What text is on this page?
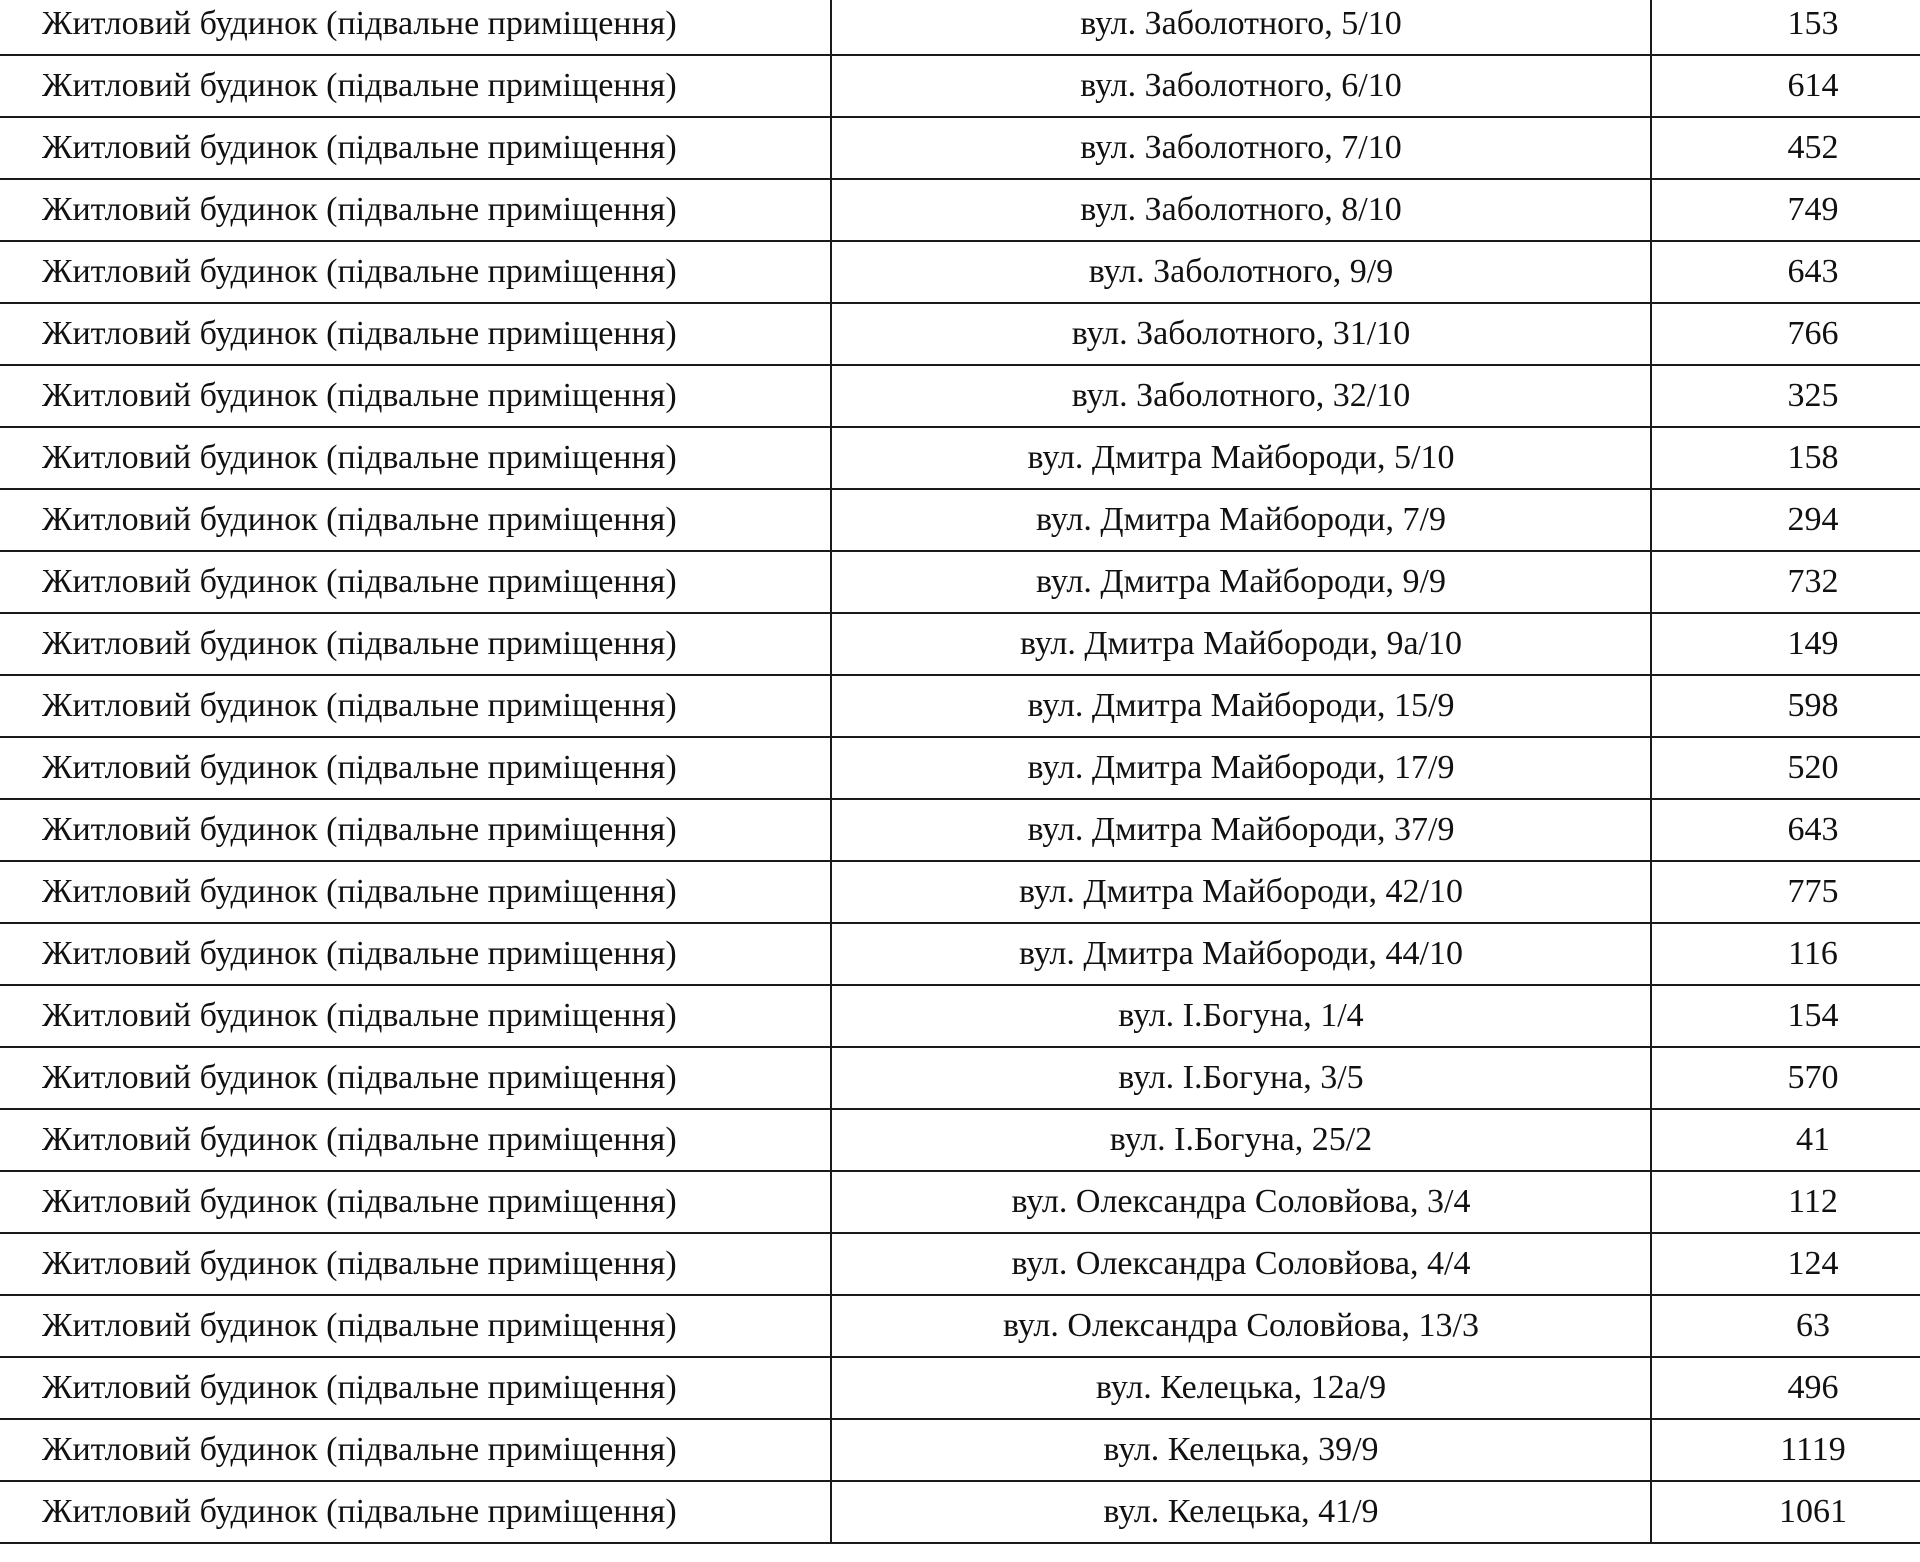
Житловий будинок (підвальне приміщення)	вул. Заболотного, 5/10	153
Житловий будинок (підвальне приміщення)	вул. Заболотного, 6/10	614
Житловий будинок (підвальне приміщення)	вул. Заболотного, 7/10	452
Житловий будинок (підвальне приміщення)	вул. Заболотного, 8/10	749
Житловий будинок (підвальне приміщення)	вул. Заболотного, 9/9	643
Житловий будинок (підвальне приміщення)	вул. Заболотного, 31/10	766
Житловий будинок (підвальне приміщення)	вул. Заболотного, 32/10	325
Житловий будинок (підвальне приміщення)	вул. Дмитра Майбороди, 5/10	158
Житловий будинок (підвальне приміщення)	вул. Дмитра Майбороди, 7/9	294
Житловий будинок (підвальне приміщення)	вул. Дмитра Майбороди, 9/9	732
Житловий будинок (підвальне приміщення)	вул. Дмитра Майбороди, 9а/10	149
Житловий будинок (підвальне приміщення)	вул. Дмитра Майбороди, 15/9	598
Житловий будинок (підвальне приміщення)	вул. Дмитра Майбороди, 17/9	520
Житловий будинок (підвальне приміщення)	вул. Дмитра Майбороди, 37/9	643
Житловий будинок (підвальне приміщення)	вул. Дмитра Майбороди, 42/10	775
Житловий будинок (підвальне приміщення)	вул. Дмитра Майбороди, 44/10	116
Житловий будинок (підвальне приміщення)	вул. І.Богуна, 1/4	154
Житловий будинок (підвальне приміщення)	вул. І.Богуна, 3/5	570
Житловий будинок (підвальне приміщення)	вул. І.Богуна, 25/2	41
Житловий будинок (підвальне приміщення)	вул. Олександра Соловйова, 3/4	112
Житловий будинок (підвальне приміщення)	вул. Олександра Соловйова, 4/4	124
Житловий будинок (підвальне приміщення)	вул. Олександра Соловйова, 13/3	63
Житловий будинок (підвальне приміщення)	вул. Келецька, 12а/9	496
Житловий будинок (підвальне приміщення)	вул. Келецька, 39/9	1119
Житловий будинок (підвальне приміщення)	вул. Келецька, 41/9	1061
